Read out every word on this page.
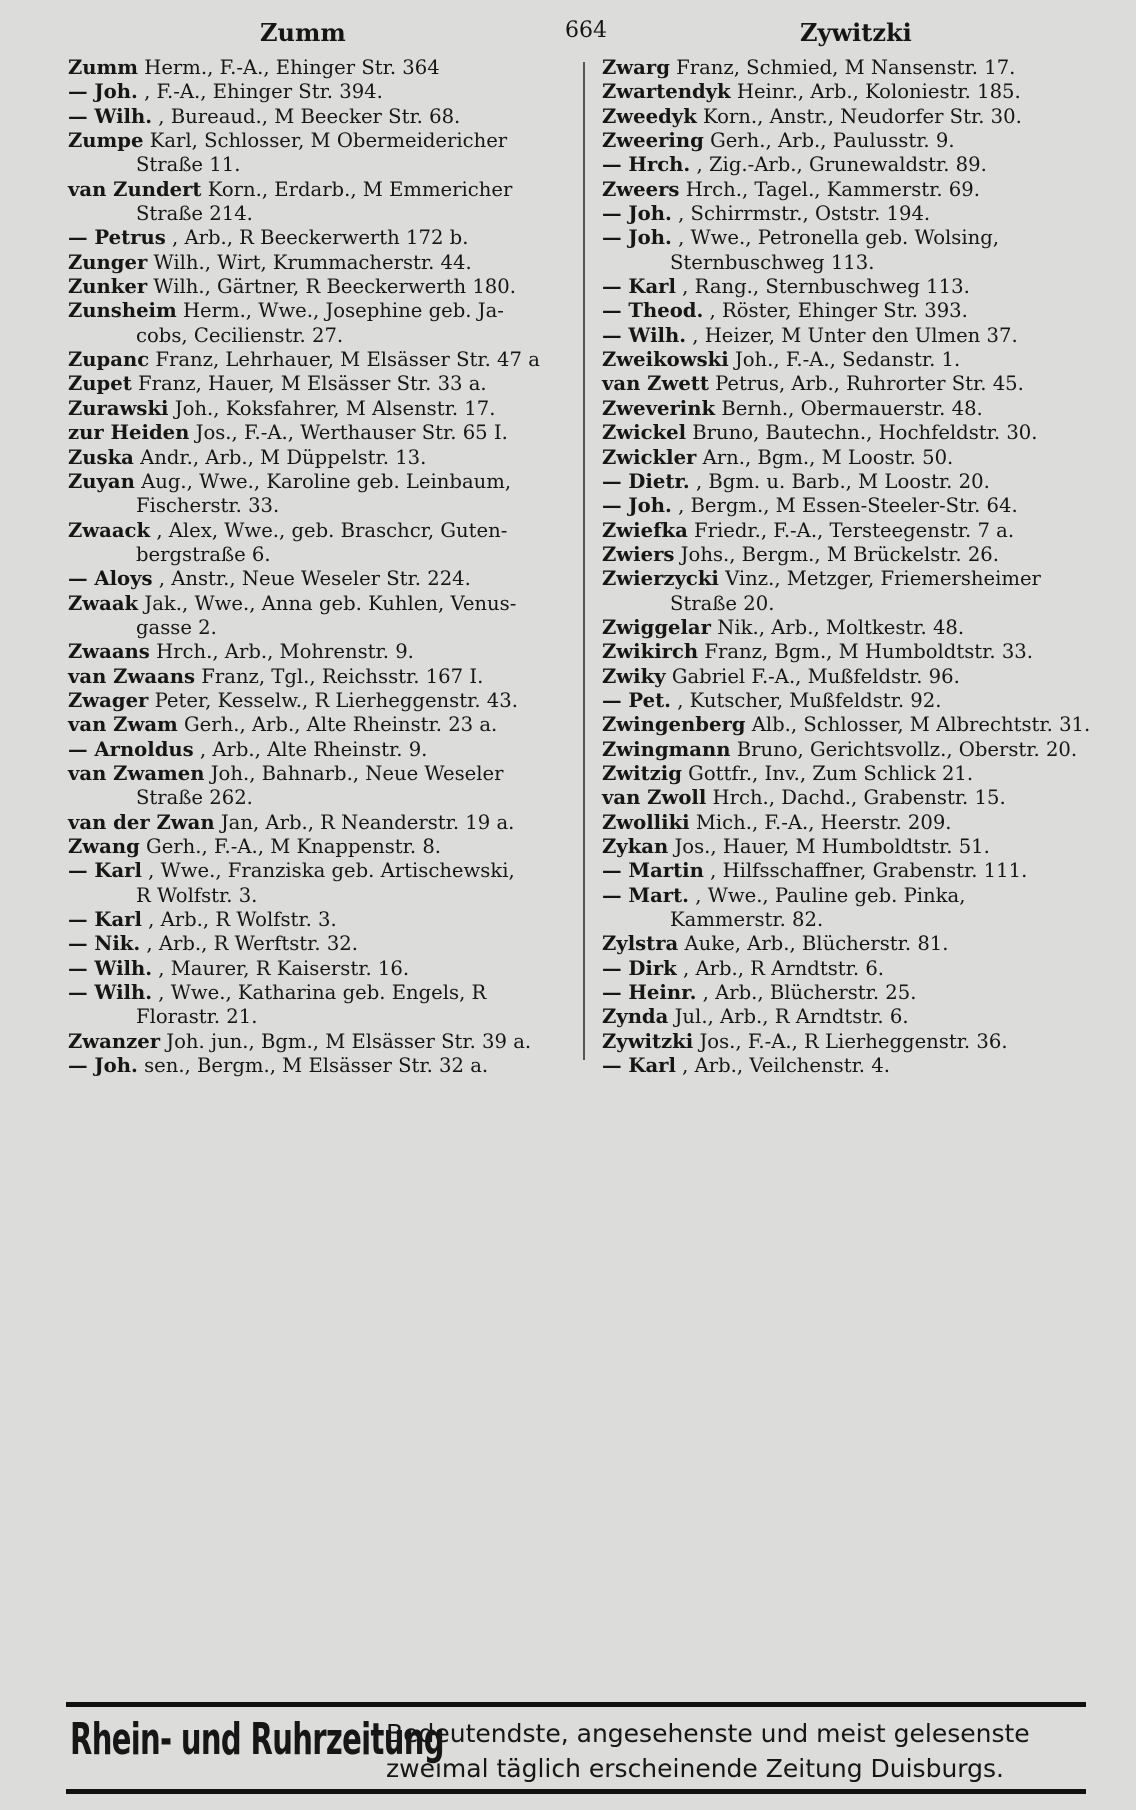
Zumm	664	Zywitzki
Zumm Herm., F.-A., Ehinger Str. 364
— Joh. , F.-A., Ehinger Str. 394.
— Wilh. , Bureaud., M Beecker Str. 68.
Zumpe Karl, Schlosser, M Obermeidericher
Straße 11.
van Zundert Korn., Erdarb., M Emmericher
Straße 214.
— Petrus , Arb., R Beeckerwerth 172 b.
Zunger Wilh., Wirt, Krummacherstr. 44.
Zunker Wilh., Gärtner, R Beeckerwerth 180.
Zunsheim Herm., Wwe., Josephine geb. Ja-
cobs, Cecilienstr. 27.
Zupanc Franz, Lehrhauer, M Elsässer Str. 47 a
Zupet Franz, Hauer, M Elsässer Str. 33 a.
Zurawski Joh., Koksfahrer, M Alsenstr. 17.
zur Heiden Jos., F.-A., Werthauser Str. 65 I.
Zuska Andr., Arb., M Düppelstr. 13.
Zuyan Aug., Wwe., Karoline geb. Leinbaum,
Fischerstr. 33.
Zwaack , Alex, Wwe., geb. Braschcr, Guten-
bergstraße 6.
— Aloys , Anstr., Neue Weseler Str. 224.
Zwaak Jak., Wwe., Anna geb. Kuhlen, Venus-
gasse 2.
Zwaans Hrch., Arb., Mohrenstr. 9.
van Zwaans Franz, Tgl., Reichsstr. 167 I.
Zwager Peter, Kesselw., R Lierheggenstr. 43.
van Zwam Gerh., Arb., Alte Rheinstr. 23 a.
— Arnoldus , Arb., Alte Rheinstr. 9.
van Zwamen Joh., Bahnarb., Neue Weseler
Straße 262.
van der Zwan Jan, Arb., R Neanderstr. 19 a.
Zwang Gerh., F.-A., M Knappenstr. 8.
— Karl , Wwe., Franziska geb. Artischewski,
R Wolfstr. 3.
— Karl , Arb., R Wolfstr. 3.
— Nik. , Arb., R Werftstr. 32.
— Wilh. , Maurer, R Kaiserstr. 16.
— Wilh. , Wwe., Katharina geb. Engels, R
Florastr. 21.
Zwanzer Joh. jun., Bgm., M Elsässer Str. 39 a.
— Joh. sen., Bergm., M Elsässer Str. 32 a.
Zwarg Franz, Schmied, M Nansenstr. 17.
Zwartendyk Heinr., Arb., Koloniestr. 185.
Zweedyk Korn., Anstr., Neudorfer Str. 30.
Zweering Gerh., Arb., Paulusstr. 9.
— Hrch. , Zig.-Arb., Grunewaldstr. 89.
Zweers Hrch., Tagel., Kammerstr. 69.
— Joh. , Schirrmstr., Oststr. 194.
— Joh. , Wwe., Petronella geb. Wolsing,
Sternbuschweg 113.
— Karl , Rang., Sternbuschweg 113.
— Theod. , Röster, Ehinger Str. 393.
— Wilh. , Heizer, M Unter den Ulmen 37.
Zweikowski Joh., F.-A., Sedanstr. 1.
van Zwett Petrus, Arb., Ruhrorter Str. 45.
Zweverink Bernh., Obermauerstr. 48.
Zwickel Bruno, Bautechn., Hochfeldstr. 30.
Zwickler Arn., Bgm., M Loostr. 50.
— Dietr. , Bgm. u. Barb., M Loostr. 20.
— Joh. , Bergm., M Essen-Steeler-Str. 64.
Zwiefka Friedr., F.-A., Tersteegenstr. 7 a.
Zwiers Johs., Bergm., M Brückelstr. 26.
Zwierzycki Vinz., Metzger, Friemersheimer
Straße 20.
Zwiggelar Nik., Arb., Moltkestr. 48.
Zwikirch Franz, Bgm., M Humboldtstr. 33.
Zwiky Gabriel F.-A., Mußfeldstr. 96.
— Pet. , Kutscher, Mußfeldstr. 92.
Zwingenberg Alb., Schlosser, M Albrechtstr. 31.
Zwingmann Bruno, Gerichtsvollz., Oberstr. 20.
Zwitzig Gottfr., Inv., Zum Schlick 21.
van Zwoll Hrch., Dachd., Grabenstr. 15.
Zwolliki Mich., F.-A., Heerstr. 209.
Zykan Jos., Hauer, M Humboldtstr. 51.
— Martin , Hilfsschaffner, Grabenstr. 111.
— Mart. , Wwe., Pauline geb. Pinka,
Kammerstr. 82.
Zylstra Auke, Arb., Blücherstr. 81.
— Dirk , Arb., R Arndtstr. 6.
— Heinr. , Arb., Blücherstr. 25.
Zynda Jul., Arb., R Arndtstr. 6.
Zywitzki Jos., F.-A., R Lierheggenstr. 36.
— Karl , Arb., Veilchenstr. 4.
Rhein- und Ruhrzeitung
Bedeutendste, angesehenste und meist gelesenste
zweimal täglich erscheinende Zeitung Duisburgs.
